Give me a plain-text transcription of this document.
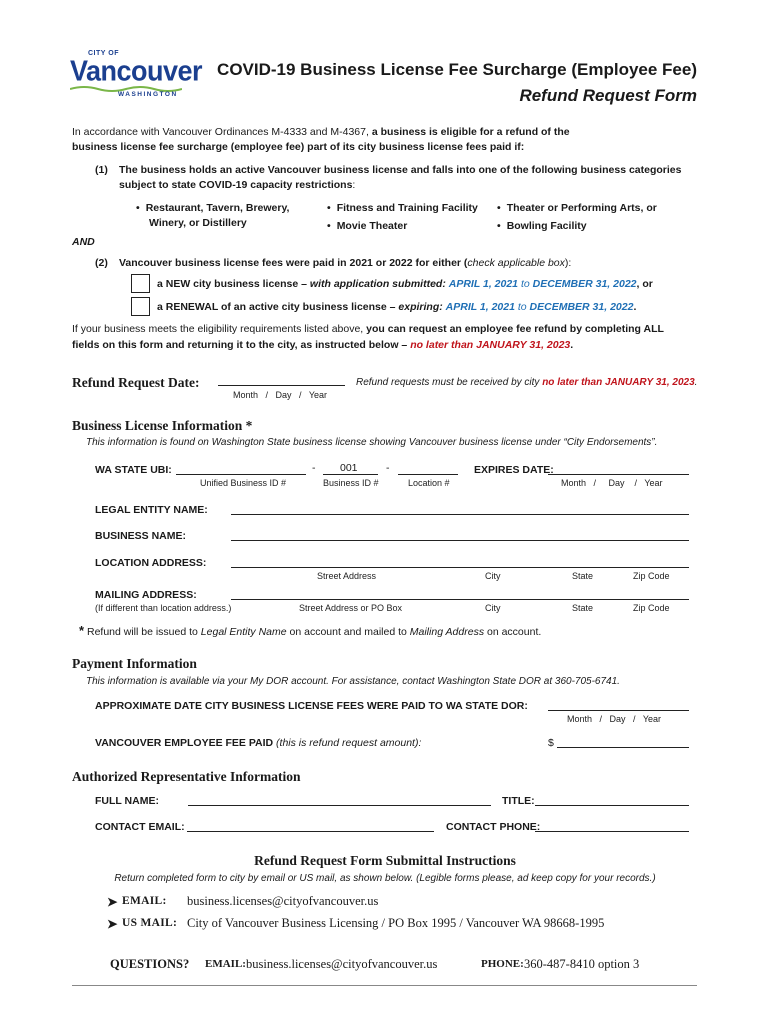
CITY OF
Vancouver
WASHINGTON
COVID-19 Business License Fee Surcharge (Employee Fee)
Refund Request Form
In accordance with Vancouver Ordinances M-4333 and M-4367, a business is eligible for a refund of the
business license fee surcharge (employee fee) part of its city business license fees paid if:
(1) The business holds an active Vancouver business license and falls into one of the following business categories
subject to state COVID-19 capacity restrictions:
• Restaurant, Tavern, Brewery,
Winery, or Distillery
• Fitness and Training Facility
• Movie Theater
• Theater or Performing Arts, or
• Bowling Facility
AND
(2) Vancouver business license fees were paid in 2021 or 2022 for either (check applicable box):
a NEW city business license – with application submitted: APRIL 1, 2021 to DECEMBER 31, 2022, or
a RENEWAL of an active city business license – expiring: APRIL 1, 2021 to DECEMBER 31, 2022.
If your business meets the eligibility requirements listed above, you can request an employee fee refund by completing ALL
fields on this form and returning it to the city, as instructed below – no later than JANUARY 31, 2023.
Refund Request Date:
Month   /   Day   /   Year
Refund requests must be received by city no later than JANUARY 31, 2023.
Business License Information *
This information is found on Washington State business license showing Vancouver business license under “City Endorsements”.
WA STATE UBI:	- 001	-
Unified Business ID #	Business ID #	Location #
EXPIRES DATE:
Month   /     Day    /   Year
LEGAL ENTITY NAME:
BUSINESS NAME:
LOCATION ADDRESS:
Street Address	City	State	Zip Code
MAILING ADDRESS:
(If different than location address.)	Street Address or PO Box	City	State	Zip Code
* Refund will be issued to Legal Entity Name on account and mailed to Mailing Address on account.
Payment Information
This information is available via your My DOR account. For assistance, contact Washington State DOR at 360-705-6741.
APPROXIMATE DATE CITY BUSINESS LICENSE FEES WERE PAID TO WA STATE DOR:
Month   /   Day   /   Year
VANCOUVER EMPLOYEE FEE PAID (this is refund request amount):	$
Authorized Representative Information
FULL NAME:	TITLE:
CONTACT EMAIL:	CONTACT PHONE:
Refund Request Form Submittal Instructions
Return completed form to city by email or US mail, as shown below. (Legible forms please, ad keep copy for your records.)
➤ EMAIL: business.licenses@cityofvancouver.us
➤ US MAIL: City of Vancouver Business Licensing / PO Box 1995 / Vancouver WA 98668-1995
QUESTIONS? EMAIL: business.licenses@cityofvancouver.us	PHONE: 360-487-8410 option 3
